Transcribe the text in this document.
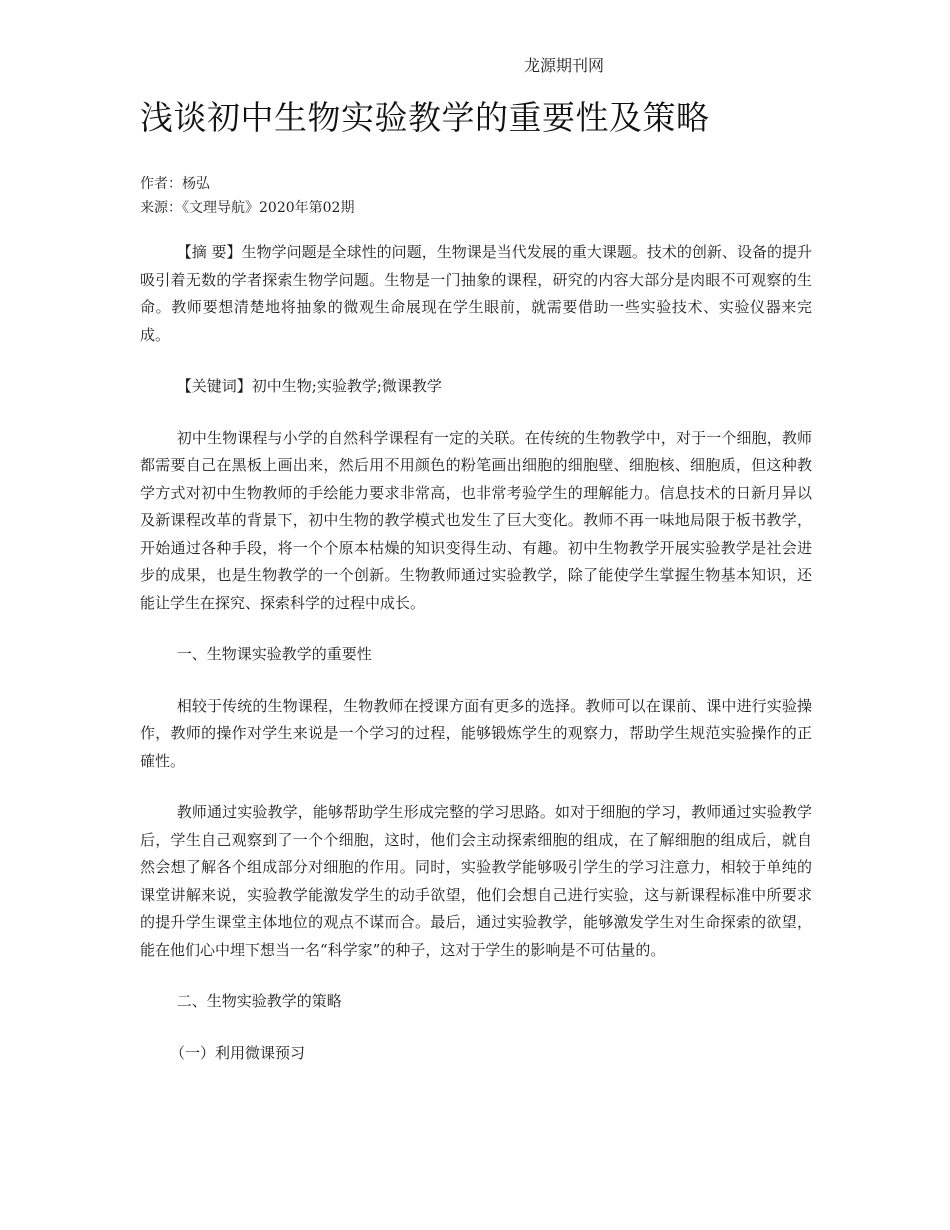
龙源期刊网
浅谈初中生物实验教学的重要性及策略
作者：杨弘
来源：《文理导航》2020年第02期

【摘 要】生物学问题是全球性的问题，生物课是当代发展的重大课题。技术的创新、设备的提升吸引着无数的学者探索生物学问题。生物是一门抽象的课程，研究的内容大部分是肉眼不可观察的生命。教师要想清楚地将抽象的微观生命展现在学生眼前，就需要借助一些实验技术、实验仪器来完成。

【关键词】初中生物;实验教学;微课教学

初中生物课程与小学的自然科学课程有一定的关联。在传统的生物教学中，对于一个细胞，教师都需要自己在黑板上画出来，然后用不用颜色的粉笔画出细胞的细胞壁、细胞核、细胞质，但这种教学方式对初中生物教师的手绘能力要求非常高，也非常考验学生的理解能力。信息技术的日新月异以及新课程改革的背景下，初中生物的教学模式也发生了巨大变化。教师不再一味地局限于板书教学，开始通过各种手段，将一个个原本枯燥的知识变得生动、有趣。初中生物教学开展实验教学是社会进步的成果，也是生物教学的一个创新。生物教师通过实验教学，除了能使学生掌握生物基本知识，还能让学生在探究、探索科学的过程中成长。

一、生物课实验教学的重要性

相较于传统的生物课程，生物教师在授课方面有更多的选择。教师可以在课前、课中进行实验操作，教师的操作对学生来说是一个学习的过程，能够锻炼学生的观察力，帮助学生规范实验操作的正確性。

教师通过实验教学，能够帮助学生形成完整的学习思路。如对于细胞的学习，教师通过实验教学后，学生自己观察到了一个个细胞，这时，他们会主动探索细胞的组成，在了解细胞的组成后，就自然会想了解各个组成部分对细胞的作用。同时，实验教学能够吸引学生的学习注意力，相较于单纯的课堂讲解来说，实验教学能激发学生的动手欲望，他们会想自己进行实验，这与新课程标准中所要求的提升学生课堂主体地位的观点不谋而合。最后，通过实验教学，能够激发学生对生命探索的欲望，能在他们心中埋下想当一名“科学家”的种子，这对于学生的影响是不可估量的。

二、生物实验教学的策略

（一）利用微课预习
